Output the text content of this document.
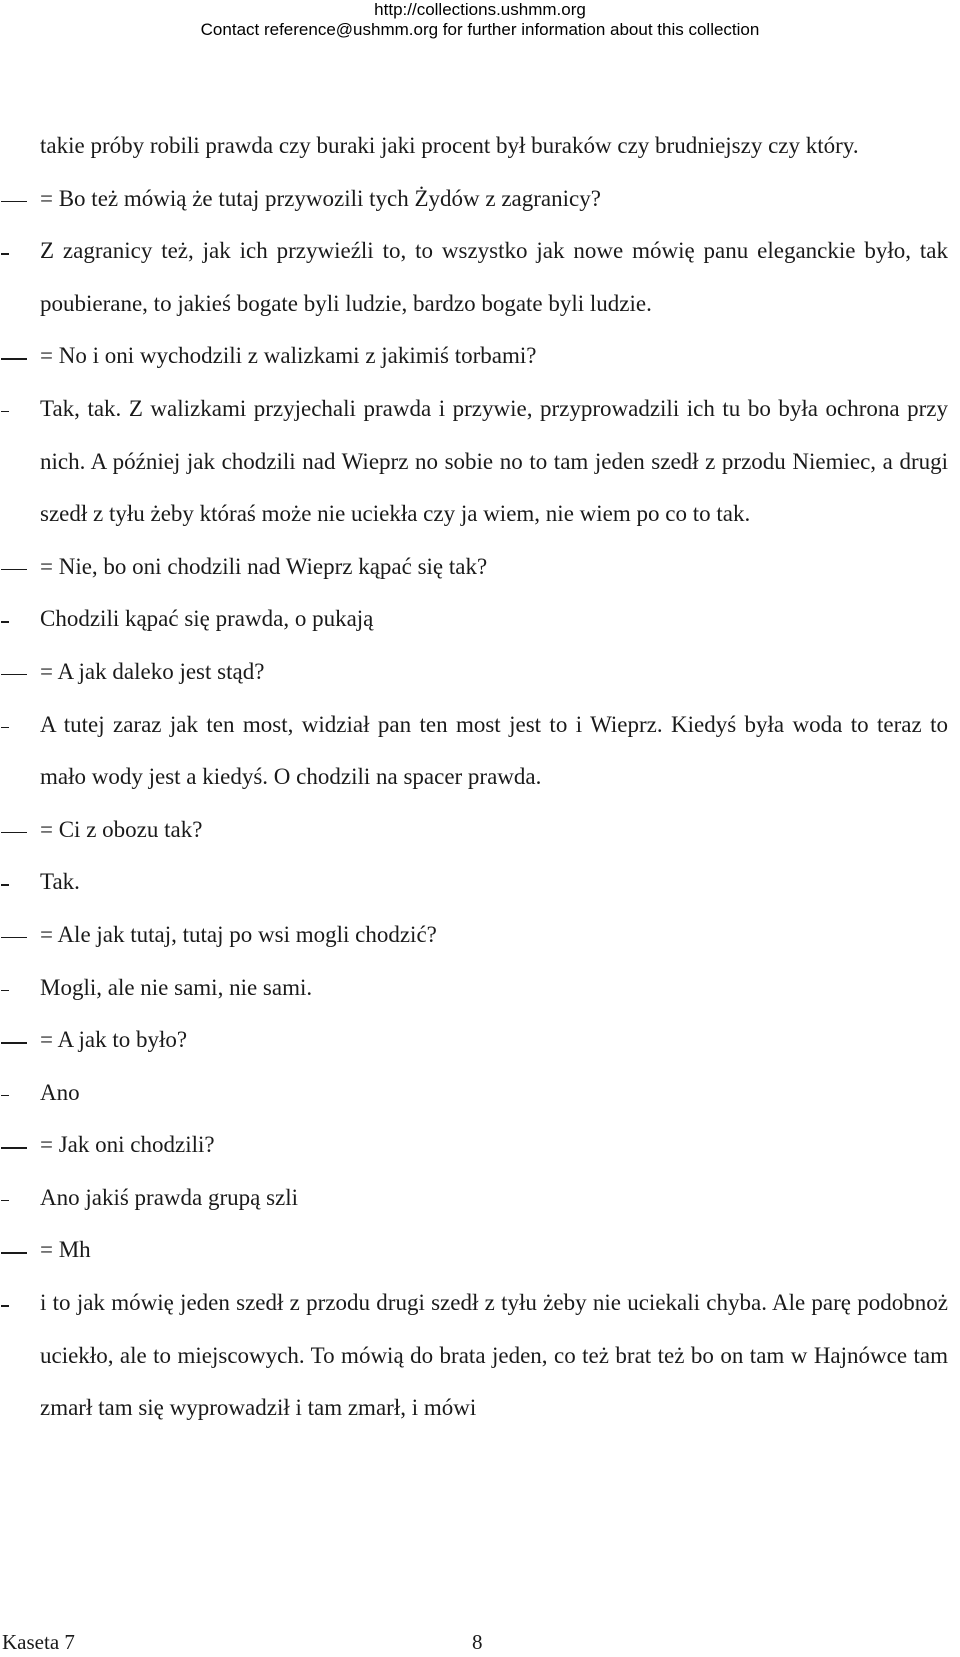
http://collections.ushmm.org
Contact reference@ushmm.org for further information about this collection
takie próby robili prawda czy buraki jaki procent był buraków czy brudniejszy czy który.
= Bo też mówią że tutaj przywozili tych Żydów z zagranicy?
Z zagranicy też, jak ich przywieźli to, to wszystko jak nowe mówię panu eleganckie było, tak poubierane, to jakieś bogate byli ludzie, bardzo bogate byli ludzie.
= No i oni wychodzili z walizkami z jakimiś torbami?
Tak, tak. Z walizkami przyjechali prawda i przywie, przyprowadzili ich tu bo była ochrona przy nich. A później jak chodzili nad Wieprz no sobie no to tam jeden szedł z przodu Niemiec, a drugi szedł z tyłu żeby któraś może nie uciekła czy ja wiem, nie wiem po co to tak.
= Nie, bo oni chodzili nad Wieprz kąpać się tak?
Chodzili kąpać się prawda, o pukają
= A jak daleko jest stąd?
A tutej zaraz jak ten most, widział pan ten most jest to i Wieprz. Kiedyś była woda to teraz to mało wody jest a kiedyś. O chodzili na spacer prawda.
= Ci z obozu tak?
Tak.
= Ale jak tutaj, tutaj po wsi mogli chodzić?
Mogli, ale nie sami, nie sami.
= A jak to było?
Ano
= Jak oni chodzili?
Ano jakiś prawda grupą szli
= Mh
i to jak mówię jeden szedł z przodu drugi szedł z tyłu żeby nie uciekali chyba. Ale parę podobnoż uciekło, ale to miejscowych. To mówią do brata jeden, co też brat też bo on tam w Hajnówce tam zmarł tam się wyprowadził i tam zmarł, i mówi
Kaseta 7	8
